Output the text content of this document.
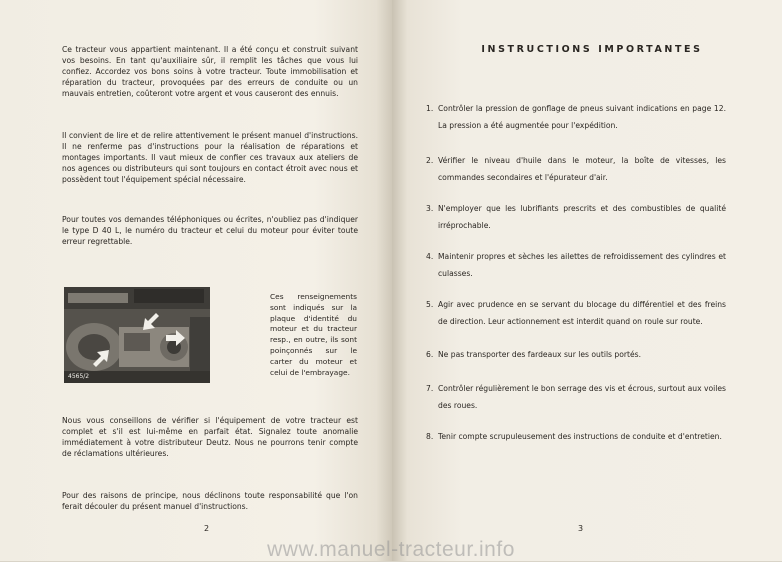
Ce tracteur vous appartient maintenant. Il a été conçu et construit suivant vos besoins. En tant qu'auxiliaire sûr, il remplit les tâches que vous lui confiez. Accordez vos bons soins à votre tracteur. Toute immobilisation et réparation du tracteur, provoquées par des erreurs de conduite ou un mauvais entretien, coûteront votre argent et vous causeront des ennuis.

Il convient de lire et de relire attentivement le présent manuel d'instructions. Il ne renferme pas d'instructions pour la réalisation de réparations et montages importants. Il vaut mieux de confier ces travaux aux ateliers de nos agences ou distributeurs qui sont toujours en contact étroit avec nous et possèdent tout l'équipement spécial nécessaire.

Pour toutes vos demandes téléphoniques ou écrites, n'oubliez pas d'indiquer le type D 40 L, le numéro du tracteur et celui du moteur pour éviter toute erreur regrettable.

4565/2

Ces renseignements sont indiqués sur la plaque d'identité du moteur et du tracteur resp., en outre, ils sont poinçonnés sur le carter du moteur et celui de l'embrayage.

Nous vous conseillons de vérifier si l'équipement de votre tracteur est complet et s'il est lui-même en parfait état. Signalez toute anomalie immédiatement à votre distributeur Deutz. Nous ne pourrons tenir compte de réclamations ultérieures.

Pour des raisons de principe, nous déclinons toute responsabilité que l'on ferait découler du présent manuel d'instructions.

2
INSTRUCTIONS IMPORTANTES
1. Contrôler la pression de gonflage de pneus suivant indications en page 12. La pression a été augmentée pour l'expédition.
2. Vérifier le niveau d'huile dans le moteur, la boîte de vitesses, les commandes secondaires et l'épurateur d'air.
3. N'employer que les lubrifiants prescrits et des combustibles de qualité irréprochable.
4. Maintenir propres et sèches les ailettes de refroidissement des cylindres et culasses.
5. Agir avec prudence en se servant du blocage du différentiel et des freins de direction. Leur actionnement est interdit quand on roule sur route.
6. Ne pas transporter des fardeaux sur les outils portés.
7. Contrôler régulièrement le bon serrage des vis et écrous, surtout aux voiles des roues.
8. Tenir compte scrupuleusement des instructions de conduite et d'entretien.
3
www.manuel-tracteur.info
